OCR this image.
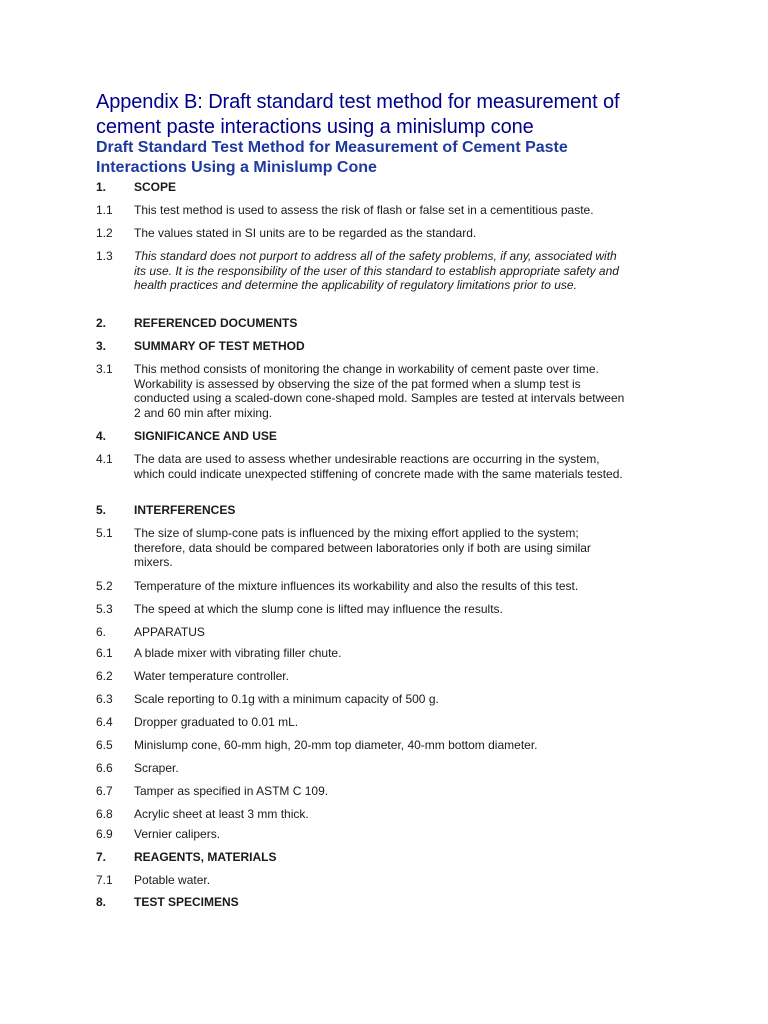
Appendix B: Draft standard test method for measurement of cement paste interactions using a minislump cone
Draft Standard Test Method for Measurement of Cement Paste Interactions Using a Minislump Cone
1.	SCOPE
1.1	This test method is used to assess the risk of flash or false set in a cementitious paste.
1.2	The values stated in SI units are to be regarded as the standard.
1.3	This standard does not purport to address all of the safety problems, if any, associated with its use. It is the responsibility of the user of this standard to establish appropriate safety and health practices and determine the applicability of regulatory limitations prior to use.
2.	REFERENCED DOCUMENTS
3.	SUMMARY OF TEST METHOD
3.1	This method consists of monitoring the change in workability of cement paste over time. Workability is assessed by observing the size of the pat formed when a slump test is conducted using a scaled-down cone-shaped mold. Samples are tested at intervals between 2 and 60 min after mixing.
4.	SIGNIFICANCE AND USE
4.1	The data are used to assess whether undesirable reactions are occurring in the system, which could indicate unexpected stiffening of concrete made with the same materials tested.
5.	INTERFERENCES
5.1	The size of slump-cone pats is influenced by the mixing effort applied to the system; therefore, data should be compared between laboratories only if both are using similar mixers.
5.2	Temperature of the mixture influences its workability and also the results of this test.
5.3	The speed at which the slump cone is lifted may influence the results.
6.	APPARATUS
6.1	A blade mixer with vibrating filler chute.
6.2	Water temperature controller.
6.3	Scale reporting to 0.1g with a minimum capacity of 500 g.
6.4	Dropper graduated to 0.01 mL.
6.5	Minislump cone, 60-mm high, 20-mm top diameter, 40-mm bottom diameter.
6.6	Scraper.
6.7	Tamper as specified in ASTM C 109.
6.8	Acrylic sheet at least 3 mm thick.
6.9	Vernier calipers.
7.	REAGENTS, MATERIALS
7.1	Potable water.
8.	TEST SPECIMENS
